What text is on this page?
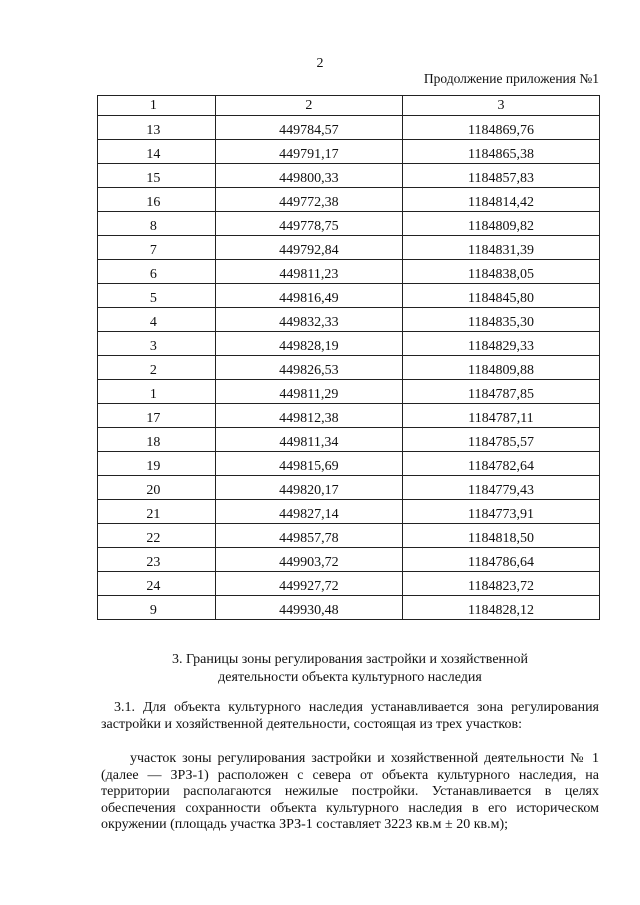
2
Продолжение приложения №1
1	2	3
13	449784,57	1184869,76
14	449791,17	1184865,38
15	449800,33	1184857,83
16	449772,38	1184814,42
8	449778,75	1184809,82
7	449792,84	1184831,39
6	449811,23	1184838,05
5	449816,49	1184845,80
4	449832,33	1184835,30
3	449828,19	1184829,33
2	449826,53	1184809,88
1	449811,29	1184787,85
17	449812,38	1184787,11
18	449811,34	1184785,57
19	449815,69	1184782,64
20	449820,17	1184779,43
21	449827,14	1184773,91
22	449857,78	1184818,50
23	449903,72	1184786,64
24	449927,72	1184823,72
9	449930,48	1184828,12
3. Границы зоны регулирования застройки и хозяйственной
деятельности объекта культурного наследия
3.1. Для объекта культурного наследия устанавливается зона регулирования застройки и хозяйственной деятельности, состоящая из трех участков:
участок зоны регулирования застройки и хозяйственной деятельности № 1 (далее — ЗРЗ-1) расположен с севера от объекта культурного наследия, на территории располагаются нежилые постройки. Устанавливается в целях обеспечения сохранности объекта культурного наследия в его историческом окружении (площадь участка ЗРЗ-1 составляет 3223 кв.м ± 20 кв.м);
